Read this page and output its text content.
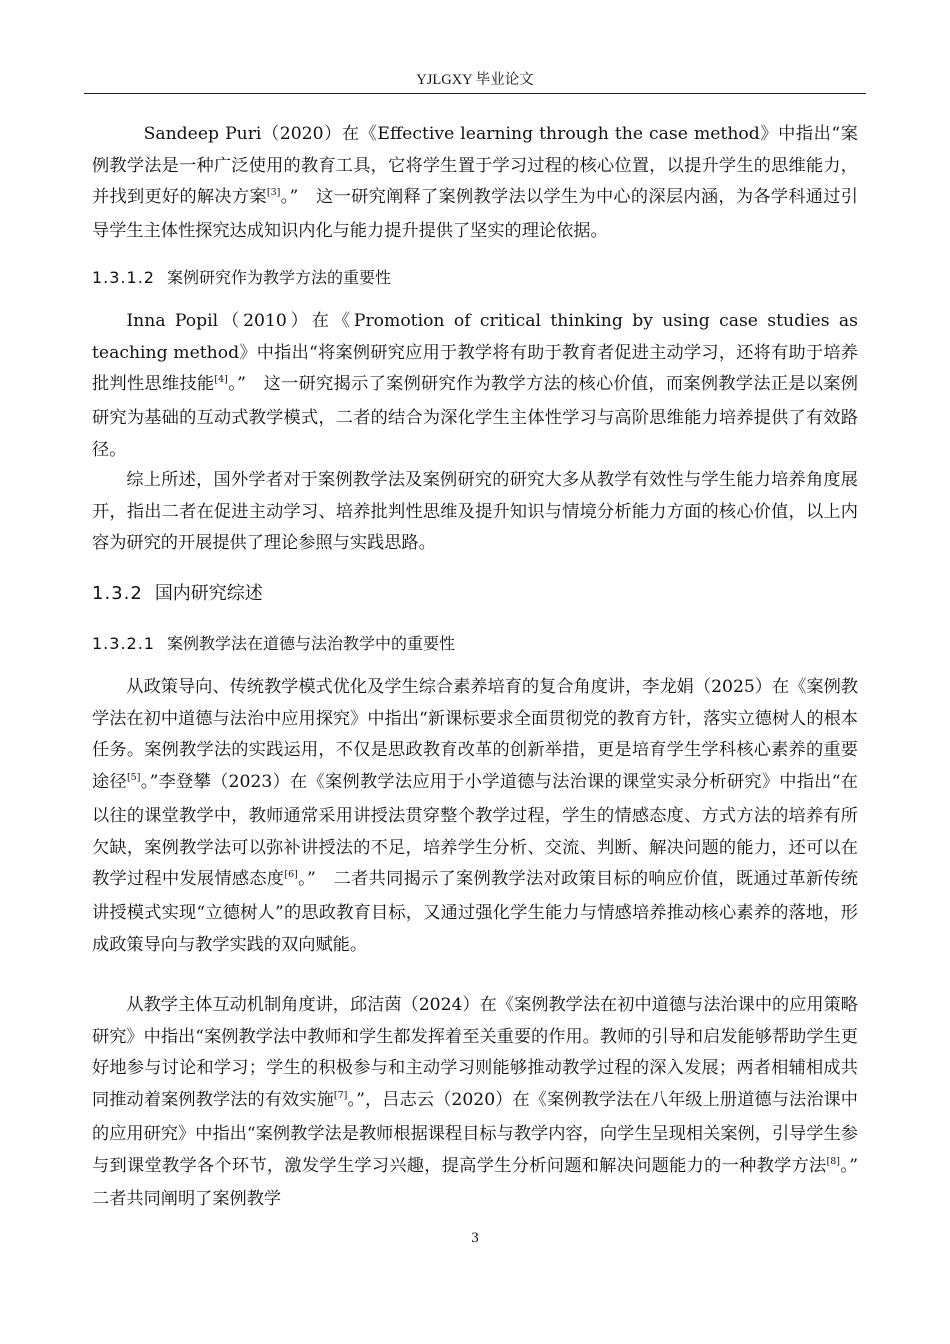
YJLGXY 毕业论文
Sandeep Puri（2020）在《Effective learning through the case method》中指出“案例教学法是一种广泛使用的教育工具，它将学生置于学习过程的核心位置，以提升学生的思维能力，并找到更好的解决方案[3]。”　这一研究阐释了案例教学法以学生为中心的深层内涵，为各学科通过引导学生主体性探究达成知识内化与能力提升提供了坚实的理论依据。
1.3.1.2 案例研究作为教学方法的重要性
Inna Popil（2010）在《Promotion of critical thinking by using case studies as teaching method》中指出“将案例研究应用于教学将有助于教育者促进主动学习，还将有助于培养批判性思维技能[4]。”　这一研究揭示了案例研究作为教学方法的核心价值，而案例教学法正是以案例研究为基础的互动式教学模式，二者的结合为深化学生主体性学习与高阶思维能力培养提供了有效路径。
综上所述，国外学者对于案例教学法及案例研究的研究大多从教学有效性与学生能力培养角度展开，指出二者在促进主动学习、培养批判性思维及提升知识与情境分析能力方面的核心价值，以上内容为研究的开展提供了理论参照与实践思路。
1.3.2 国内研究综述
1.3.2.1 案例教学法在道德与法治教学中的重要性
从政策导向、传统教学模式优化及学生综合素养培育的复合角度讲，李龙娟（2025）在《案例教学法在初中道德与法治中应用探究》中指出“新课标要求全面贯彻党的教育方针，落实立德树人的根本任务。案例教学法的实践运用，不仅是思政教育改革的创新举措，更是培育学生学科核心素养的重要途径[5]。”李登攀（2023）在《案例教学法应用于小学道德与法治课的课堂实录分析研究》中指出“在以往的课堂教学中，教师通常采用讲授法贯穿整个教学过程，学生的情感态度、方式方法的培养有所欠缺，案例教学法可以弥补讲授法的不足，培养学生分析、交流、判断、解决问题的能力，还可以在教学过程中发展情感态度[6]。”　二者共同揭示了案例教学法对政策目标的响应价值，既通过革新传统讲授模式实现“立德树人”的思政教育目标，又通过强化学生能力与情感培养推动核心素养的落地，形成政策导向与教学实践的双向赋能。
从教学主体互动机制角度讲，邱洁茵（2024）在《案例教学法在初中道德与法治课中的应用策略研究》中指出“案例教学法中教师和学生都发挥着至关重要的作用。教师的引导和启发能够帮助学生更好地参与讨论和学习；学生的积极参与和主动学习则能够推动教学过程的深入发展；两者相辅相成共同推动着案例教学法的有效实施[7]。”，吕志云（2020）在《案例教学法在八年级上册道德与法治课中的应用研究》中指出“案例教学法是教师根据课程目标与教学内容，向学生呈现相关案例，引导学生参与到课堂教学各个环节，激发学生学习兴趣，提高学生分析问题和解决问题能力的一种教学方法[8]。”　二者共同阐明了案例教学
3
